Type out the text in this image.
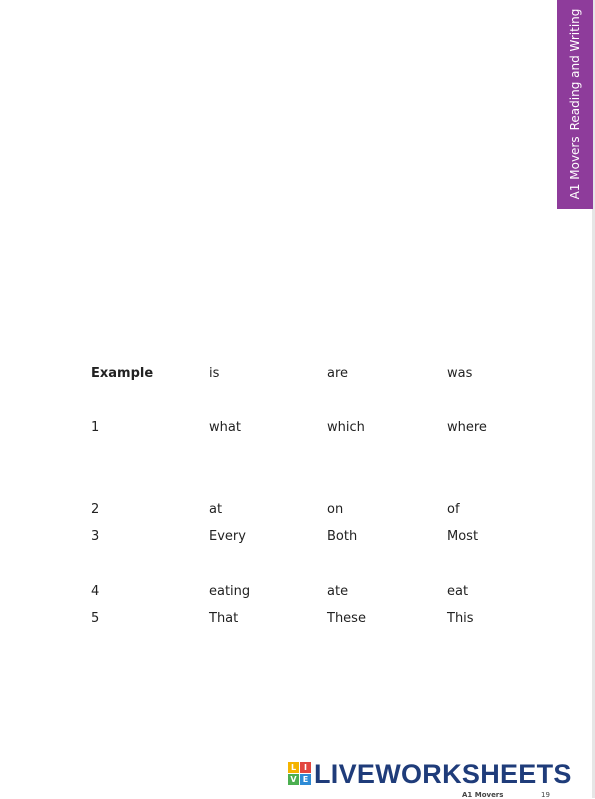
A1 MoversReading and Writing
Example	is	are	was
1	what	which	where
2	at	on	of
3	Every	Both	Most
4	eating	ate	eat
5	That	These	This
L I
V E LIVEWORKSHEETS
A1 Movers	19
